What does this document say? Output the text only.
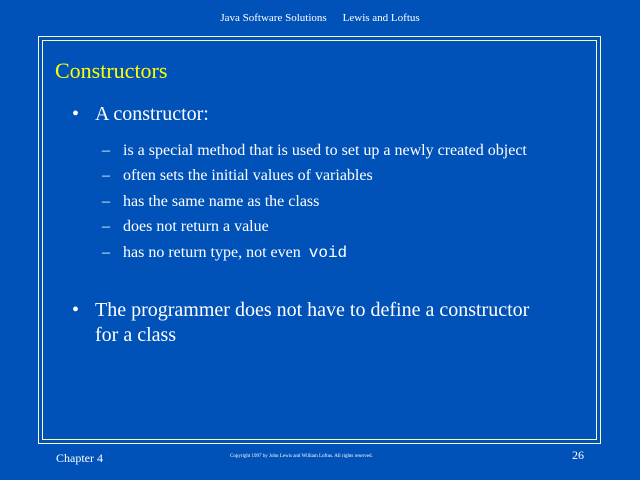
Java Software Solutions Lewis and Loftus
Constructors
• A constructor:
– is a special method that is used to set up a newly created object
– often sets the initial values of variables
– has the same name as the class
– does not return a value
– has no return type, not even void
• The programmer does not have to define a constructor
for a class
Chapter 4	Copyright 1997 by John Lewis and William Loftus. All rights reserved.	26
